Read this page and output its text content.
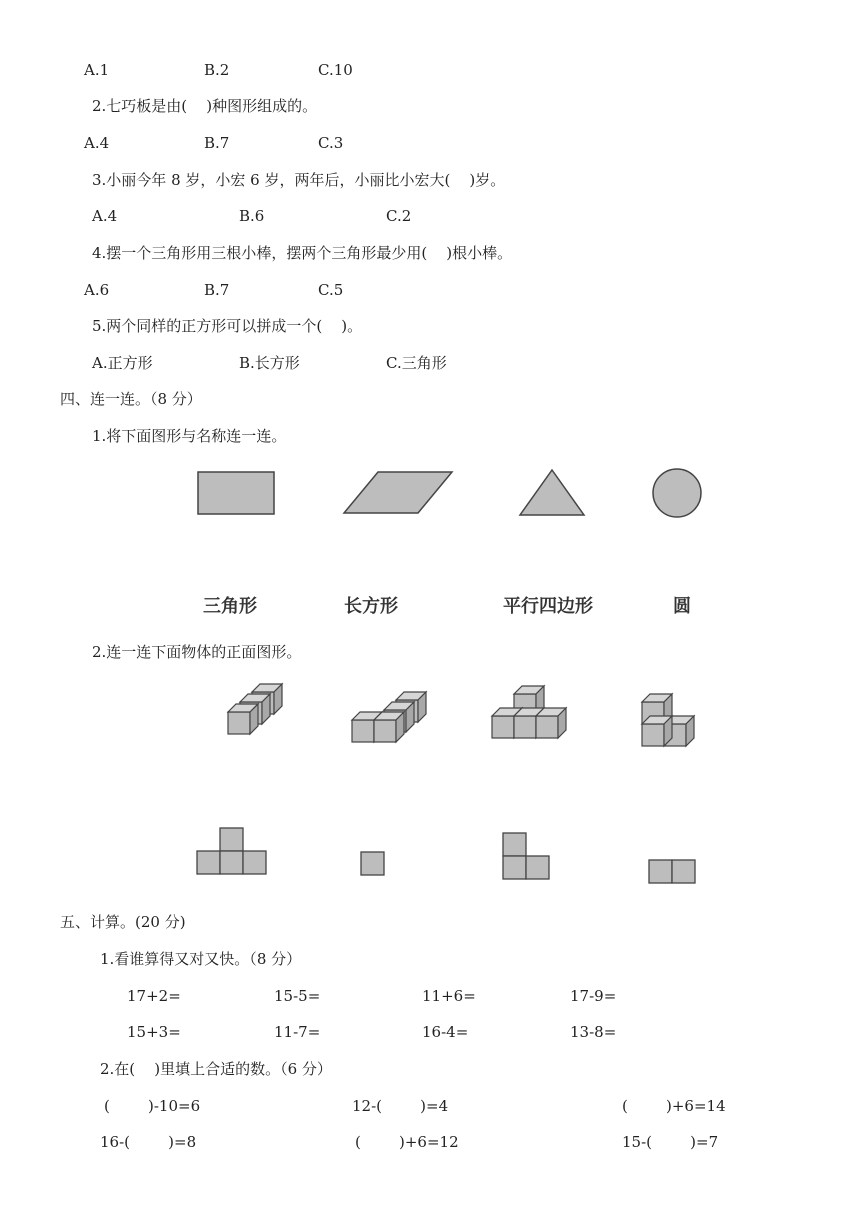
A.1	B.2	C.10
2.七巧板是由(    )种图形组成的。
A.4	B.7	C.3
3.小丽今年 8 岁，小宏 6 岁，两年后，小丽比小宏大(    )岁。
A.4	B.6	C.2
4.摆一个三角形用三根小棒，摆两个三角形最少用(    )根小棒。
A.6	B.7	C.5
5.两个同样的正方形可以拼成一个(    )。
A.正方形	B.长方形	C.三角形
四、连一连。（8 分）
1.将下面图形与名称连一连。
三角形	长方形	平行四边形	圆
2.连一连下面物体的正面图形。
五、计算。(20 分)
1.看谁算得又对又快。（8 分）
17+2=	15-5=	11+6=	17-9=
15+3=	11-7=	16-4=	13-8=
2.在(    )里填上合适的数。（6 分）
(        )-10=6	12-(        )=4	(        )+6=14
16-(        )=8	(        )+6=12	15-(        )=7
